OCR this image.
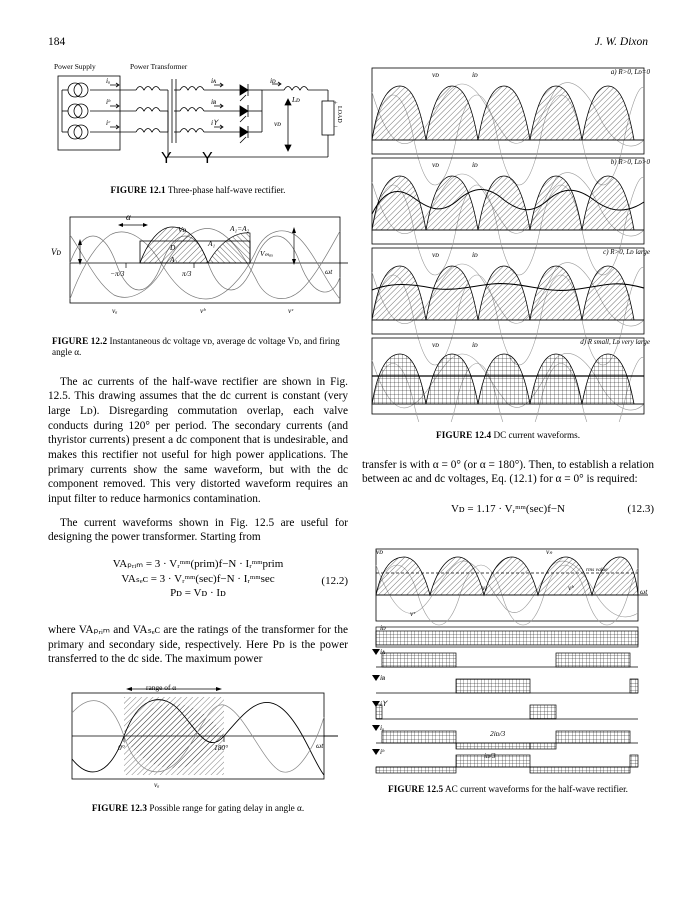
184	J. W. Dixon
Power Supply	Power Transformer
iₐ
iᵇ
iᶜ
iᴀ
iʙ
iꓬ
iᴅ
Lᴅ
vᴅ
+
−
LOAD
Y Y
FIGURE 12.1 Three-phase half-wave rectifier.
α
Vᴅ	A₁=A₂
A₁
A₂
D
Vₘₐₓ
Vᴅ
−π/3	π/3	ωt
vₐ	vᵇ	vᶜ
FIGURE 12.2 Instantaneous dc voltage vᴅ, average dc voltage Vᴅ, and firing angle α.

The ac currents of the half-wave rectifier are shown in Fig. 12.5. This drawing assumes that the dc current is constant (very large Lᴅ). Disregarding commutation overlap, each valve conducts during 120° per period. The secondary currents (and thyristor currents) present a dc component that is undesirable, and makes this rectifier not useful for high power applications. The primary currents show the same waveform, but with the dc component removed. This very distorted waveform requires an input filter to reduce harmonics contamination.

The current waveforms shown in Fig. 12.5 are useful for designing the power transformer. Starting from

VAₚᵣᵢₘ = 3 · Vᵣᵐᵐ(prim)f−N · Iᵣᵐᵐprim
VAₛₑᴄ = 3 · Vᵣᵐᵐ(sec)f−N · Iᵣᵐᵐsec
Pᴅ = Vᴅ · Iᴅ
(12.2)

where VAₚᵣᵢₘ and VAₛₑᴄ are the ratings of the transformer for the primary and secondary side, respectively. Here Pᴅ is the power transferred to the dc side. The maximum power

range of α
0°	180°	ωt
vₐ
FIGURE 12.3 Possible range for gating delay in angle α.
a) R>0, Lᴅ=0
b) R>0, Lᴅ>0
c) R>0, Lᴅ large
d) R small, Lᴅ very large
vᴅ	iᴅ
vᴅ	iᴅ
vᴅ	iᴅ
vᴅ	iᴅ
FIGURE 12.4 DC current waveforms.

transfer is with α = 0° (or α = 180°). Then, to establish a relation between ac and dc voltages, Eq. (12.1) for α = 0° is required:

Vᴅ = 1.17 · Vᵣᵐᵐ(sec)f−N	(12.3)
vᴅ	vₙ
vₐ	vᵇ
vᶜ
rms value
ωt
iᴅ
iᴀ
iʙ
iꓬ
iₐ
iᵇ
2iᴅ/3
iᴅ/3
FIGURE 12.5 AC current waveforms for the half-wave rectifier.
